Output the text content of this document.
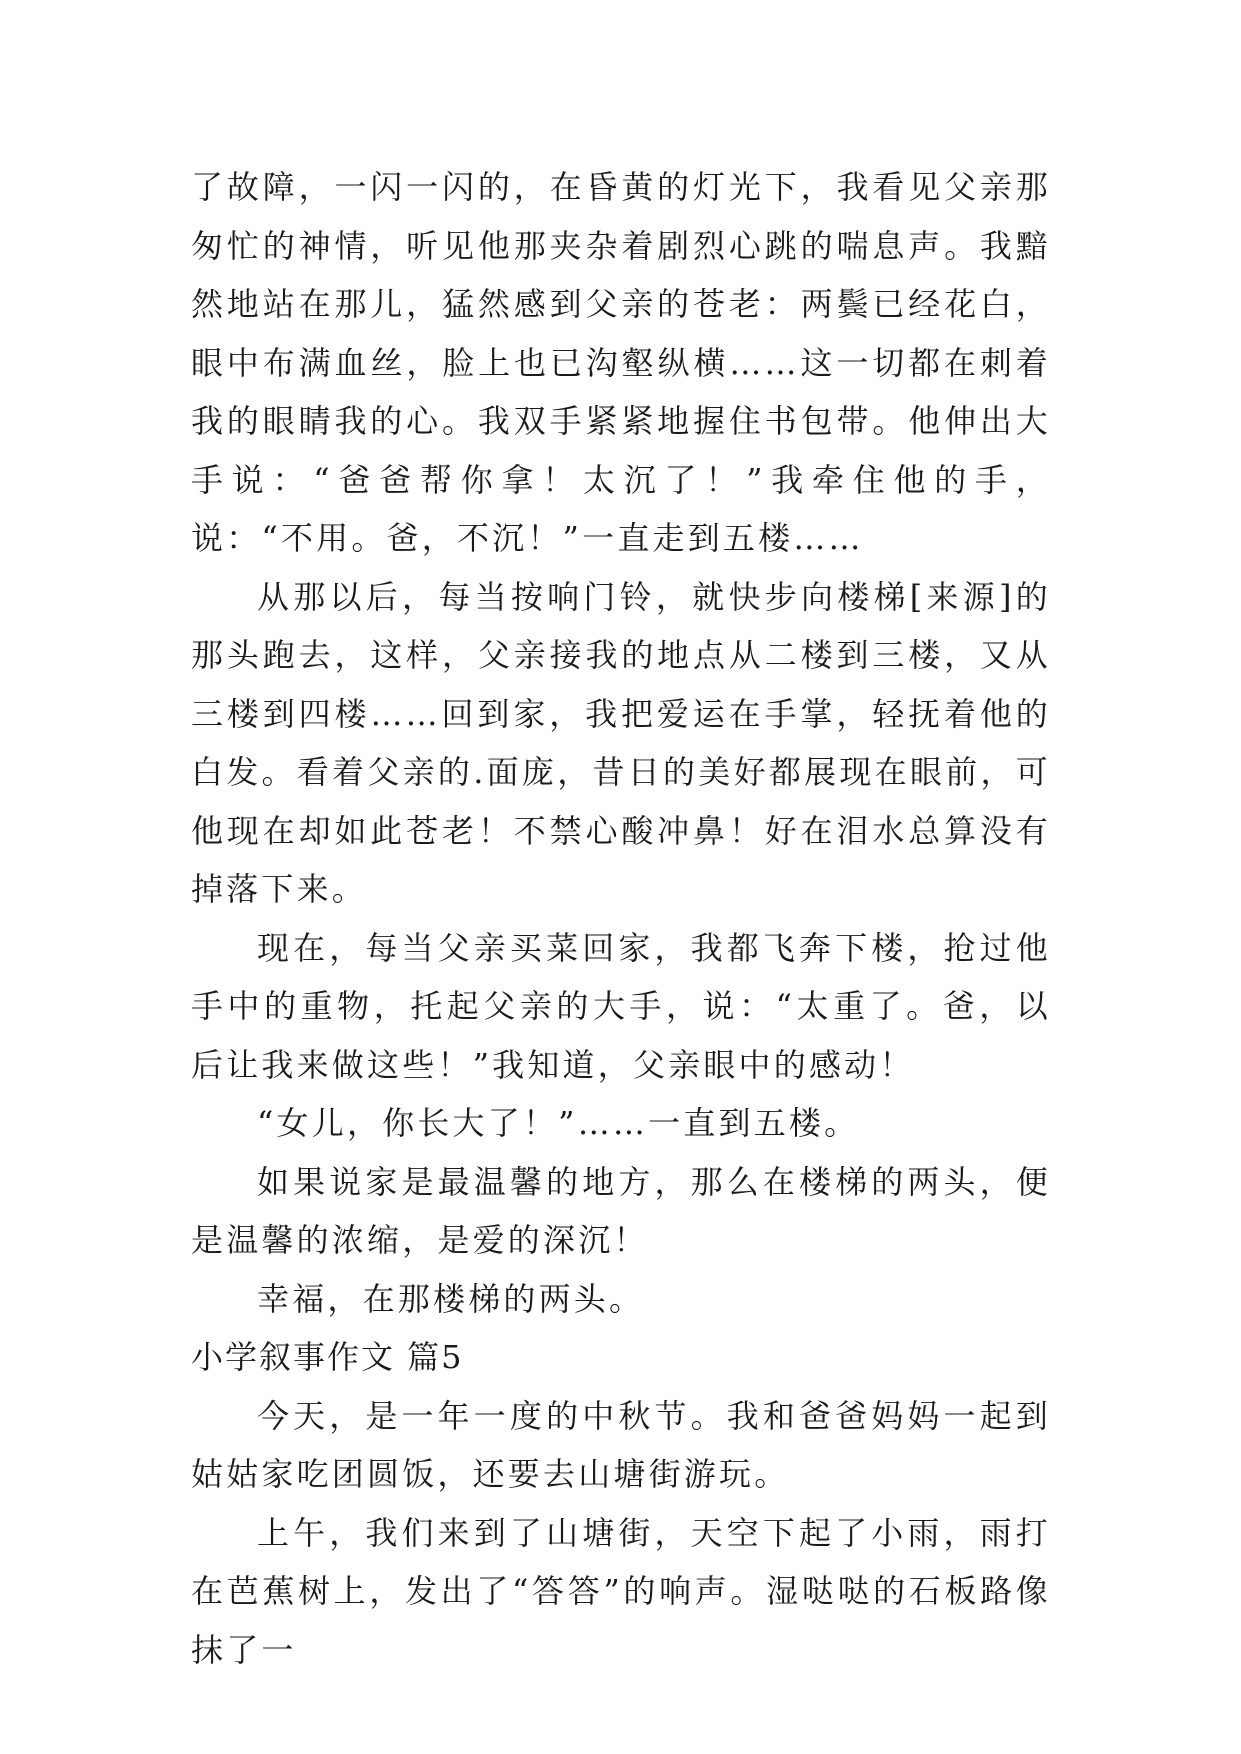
了故障，一闪一闪的，在昏黄的灯光下，我看见父亲那匆忙的神情，听见他那夹杂着剧烈心跳的喘息声。我黯然地站在那儿，猛然感到父亲的苍老：两鬓已经花白，眼中布满血丝，脸上也已沟壑纵横……这一切都在刺着我的眼睛我的心。我双手紧紧地握住书包带。他伸出大手说：“爸爸帮你拿！太沉了！”我牵住他的手，说：“不用。爸，不沉！”一直走到五楼……

从那以后，每当按响门铃，就快步向楼梯[来源]的那头跑去，这样，父亲接我的地点从二楼到三楼，又从三楼到四楼……回到家，我把爱运在手掌，轻抚着他的白发。看着父亲的.面庞，昔日的美好都展现在眼前，可他现在却如此苍老！不禁心酸冲鼻！好在泪水总算没有掉落下来。

现在，每当父亲买菜回家，我都飞奔下楼，抢过他手中的重物，托起父亲的大手，说：“太重了。爸，以后让我来做这些！”我知道，父亲眼中的感动！

“女儿，你长大了！”……一直到五楼。

如果说家是最温馨的地方，那么在楼梯的两头，便是温馨的浓缩，是爱的深沉！

幸福，在那楼梯的两头。

小学叙事作文 篇5

今天，是一年一度的中秋节。我和爸爸妈妈一起到姑姑家吃团圆饭，还要去山塘街游玩。

上午，我们来到了山塘街，天空下起了小雨，雨打在芭蕉树上，发出了“答答”的响声。湿哒哒的石板路像抹了一
